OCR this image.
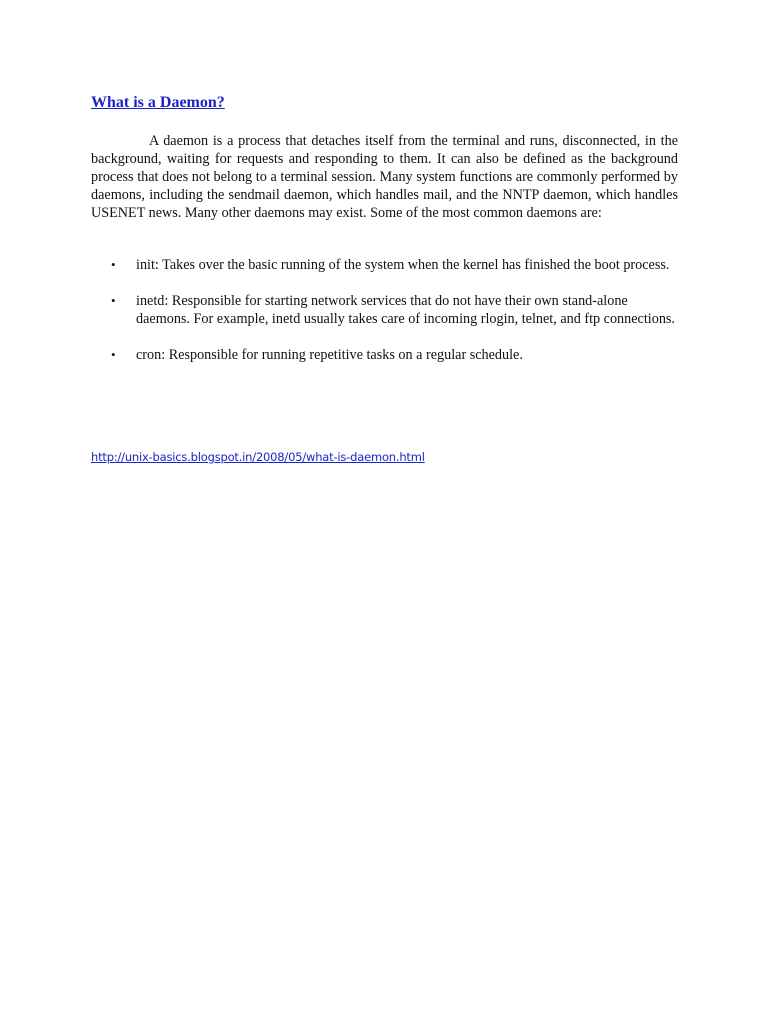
What is a Daemon?

A daemon is a process that detaches itself from the terminal and runs, disconnected, in the background, waiting for requests and responding to them. It can also be defined as the background process that does not belong to a terminal session. Many system functions are commonly performed by daemons, including the sendmail daemon, which handles mail, and the NNTP daemon, which handles USENET news. Many other daemons may exist. Some of the most common daemons are:

• init: Takes over the basic running of the system when the kernel has finished the boot process.
• inetd: Responsible for starting network services that do not have their own stand-alone daemons. For example, inetd usually takes care of incoming rlogin, telnet, and ftp connections.
• cron: Responsible for running repetitive tasks on a regular schedule.
http://unix-basics.blogspot.in/2008/05/what-is-daemon.html
